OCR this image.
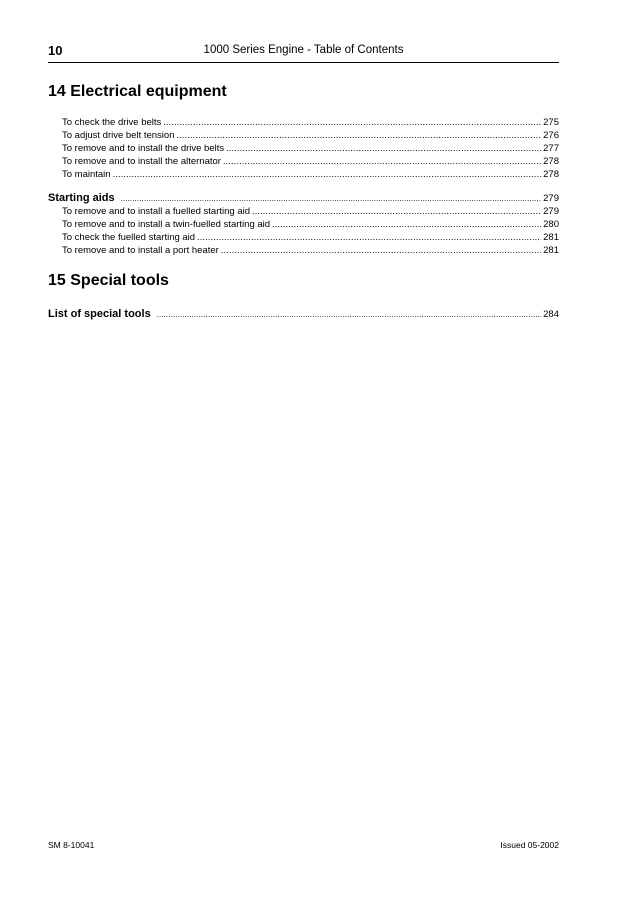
10	1000 Series Engine - Table of Contents
14 Electrical equipment
To check the drive belts .....	275
To adjust drive belt tension .....	276
To remove and to install the drive belts .....	277
To remove and to install the alternator .....	278
To maintain .....	278
Starting aids .....	279
To remove and to install a fuelled starting aid .....	279
To remove and to install a twin-fuelled starting aid .....	280
To check the fuelled starting aid .....	281
To remove and to install a port heater .....	281
15 Special tools
List of special tools .....	284
SM 8-10041	Issued 05-2002
